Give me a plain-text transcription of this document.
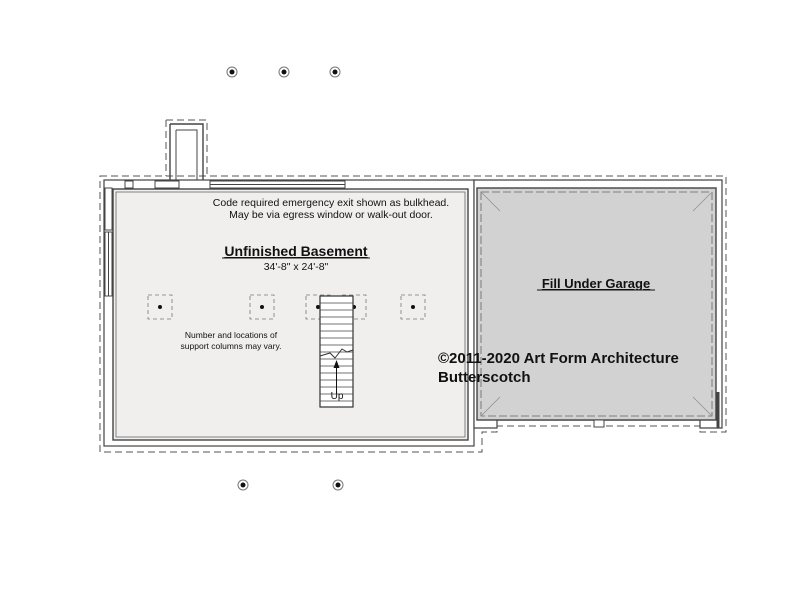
Code required emergency exit shown as bulkhead.
May be via egress window or walk-out door.
Unfinished Basement
34'-8" x 24'-8"
Number and locations of
support columns may vary.
Up
Fill Under Garage
©2011-2020 Art Form Architecture
Butterscotch
